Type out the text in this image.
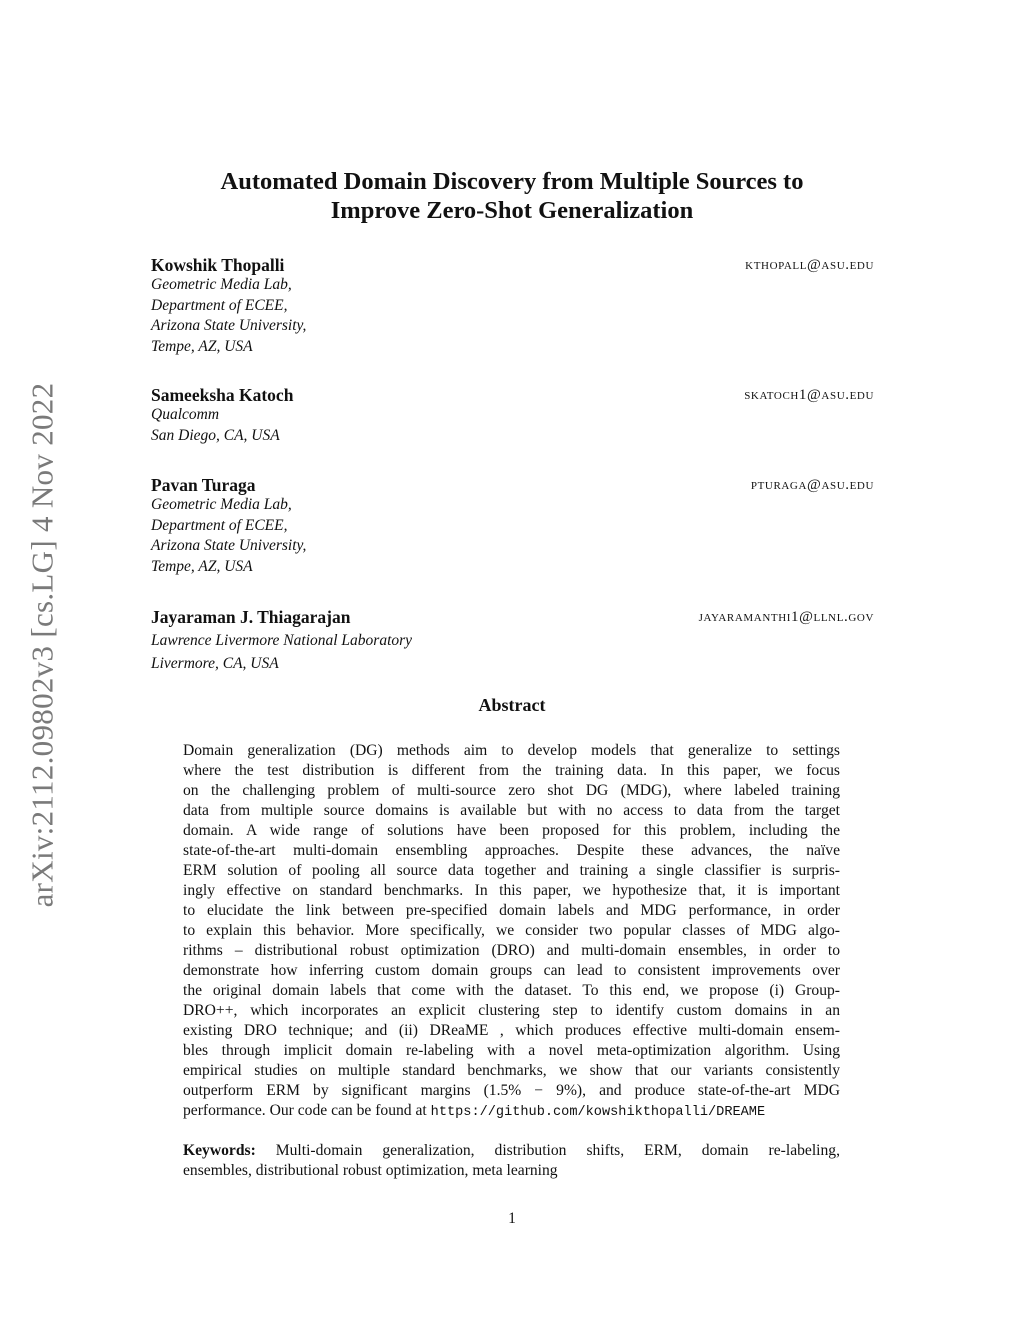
arXiv:2112.09802v3 [cs.LG] 4 Nov 2022
Automated Domain Discovery from Multiple Sources to
Improve Zero-Shot Generalization
Kowshik Thopalli	kthopall@asu.edu
Geometric Media Lab,
Department of ECEE,
Arizona State University,
Tempe, AZ, USA
Sameeksha Katoch	skatoch1@asu.edu
Qualcomm
San Diego, CA, USA
Pavan Turaga	pturaga@asu.edu
Geometric Media Lab,
Department of ECEE,
Arizona State University,
Tempe, AZ, USA
Jayaraman J. Thiagarajan	jayaramanthi1@llnl.gov
Lawrence Livermore National Laboratory
Livermore, CA, USA
Abstract
Domain generalization (DG) methods aim to develop models that generalize to settings
where the test distribution is different from the training data. In this paper, we focus
on the challenging problem of multi-source zero shot DG (MDG), where labeled training
data from multiple source domains is available but with no access to data from the target
domain. A wide range of solutions have been proposed for this problem, including the
state-of-the-art multi-domain ensembling approaches. Despite these advances, the naïve
ERM solution of pooling all source data together and training a single classifier is surpris-
ingly effective on standard benchmarks. In this paper, we hypothesize that, it is important
to elucidate the link between pre-specified domain labels and MDG performance, in order
to explain this behavior. More specifically, we consider two popular classes of MDG algo-
rithms – distributional robust optimization (DRO) and multi-domain ensembles, in order to
demonstrate how inferring custom domain groups can lead to consistent improvements over
the original domain labels that come with the dataset. To this end, we propose (i) Group-
DRO++, which incorporates an explicit clustering step to identify custom domains in an
existing DRO technique; and (ii) DReaME , which produces effective multi-domain ensem-
bles through implicit domain re-labeling with a novel meta-optimization algorithm. Using
empirical studies on multiple standard benchmarks, we show that our variants consistently
outperform ERM by significant margins (1.5% − 9%), and produce state-of-the-art MDG
performance. Our code can be found at https://github.com/kowshikthopalli/DREAME
Keywords: Multi-domain generalization, distribution shifts, ERM, domain re-labeling,
ensembles, distributional robust optimization, meta learning
1
